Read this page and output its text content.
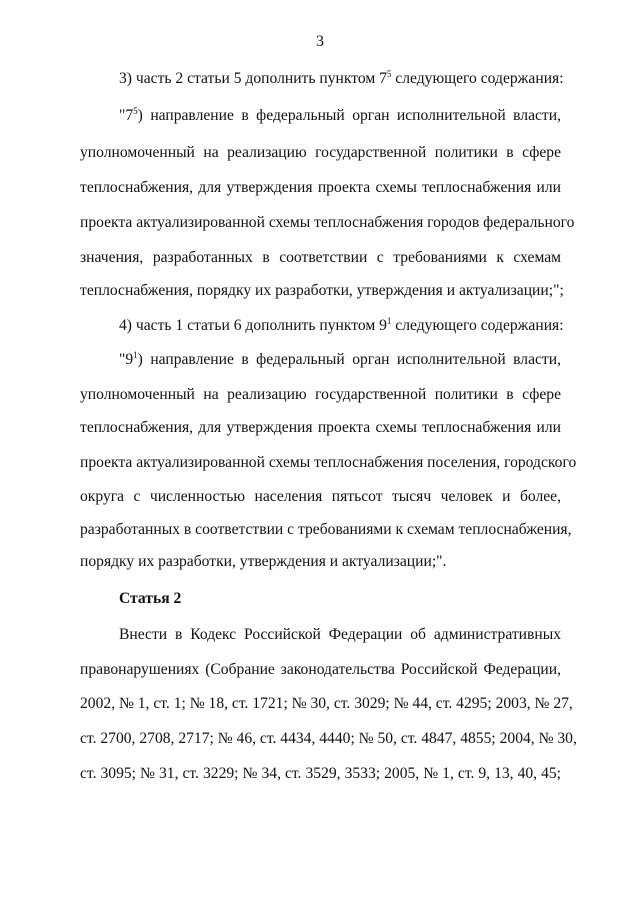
3
3) часть 2 статьи 5 дополнить пунктом $7^5$ следующего содержания:
"$7^5$) направление в федеральный орган исполнительной власти,
уполномоченный на реализацию государственной политики в сфере
теплоснабжения, для утверждения проекта схемы теплоснабжения или
проекта актуализированной схемы теплоснабжения городов федерального
значения, разработанных в соответствии с требованиями к схемам
теплоснабжения, порядку их разработки, утверждения и актуализации;";
4) часть 1 статьи 6 дополнить пунктом $9^1$ следующего содержания:
"$9^1$) направление в федеральный орган исполнительной власти,
уполномоченный на реализацию государственной политики в сфере
теплоснабжения, для утверждения проекта схемы теплоснабжения или
проекта актуализированной схемы теплоснабжения поселения, городского
округа с численностью населения пятьсот тысяч человек и более,
разработанных в соответствии с требованиями к схемам теплоснабжения,
порядку их разработки, утверждения и актуализации;".
Статья 2
Внести в Кодекс Российской Федерации об административных
правонарушениях (Собрание законодательства Российской Федерации,
2002, № 1, ст. 1; № 18, ст. 1721; № 30, ст. 3029; № 44, ст. 4295; 2003, № 27,
ст. 2700, 2708, 2717; № 46, ст. 4434, 4440; № 50, ст. 4847, 4855; 2004, № 30,
ст. 3095; № 31, ст. 3229; № 34, ст. 3529, 3533; 2005, № 1, ст. 9, 13, 40, 45;
